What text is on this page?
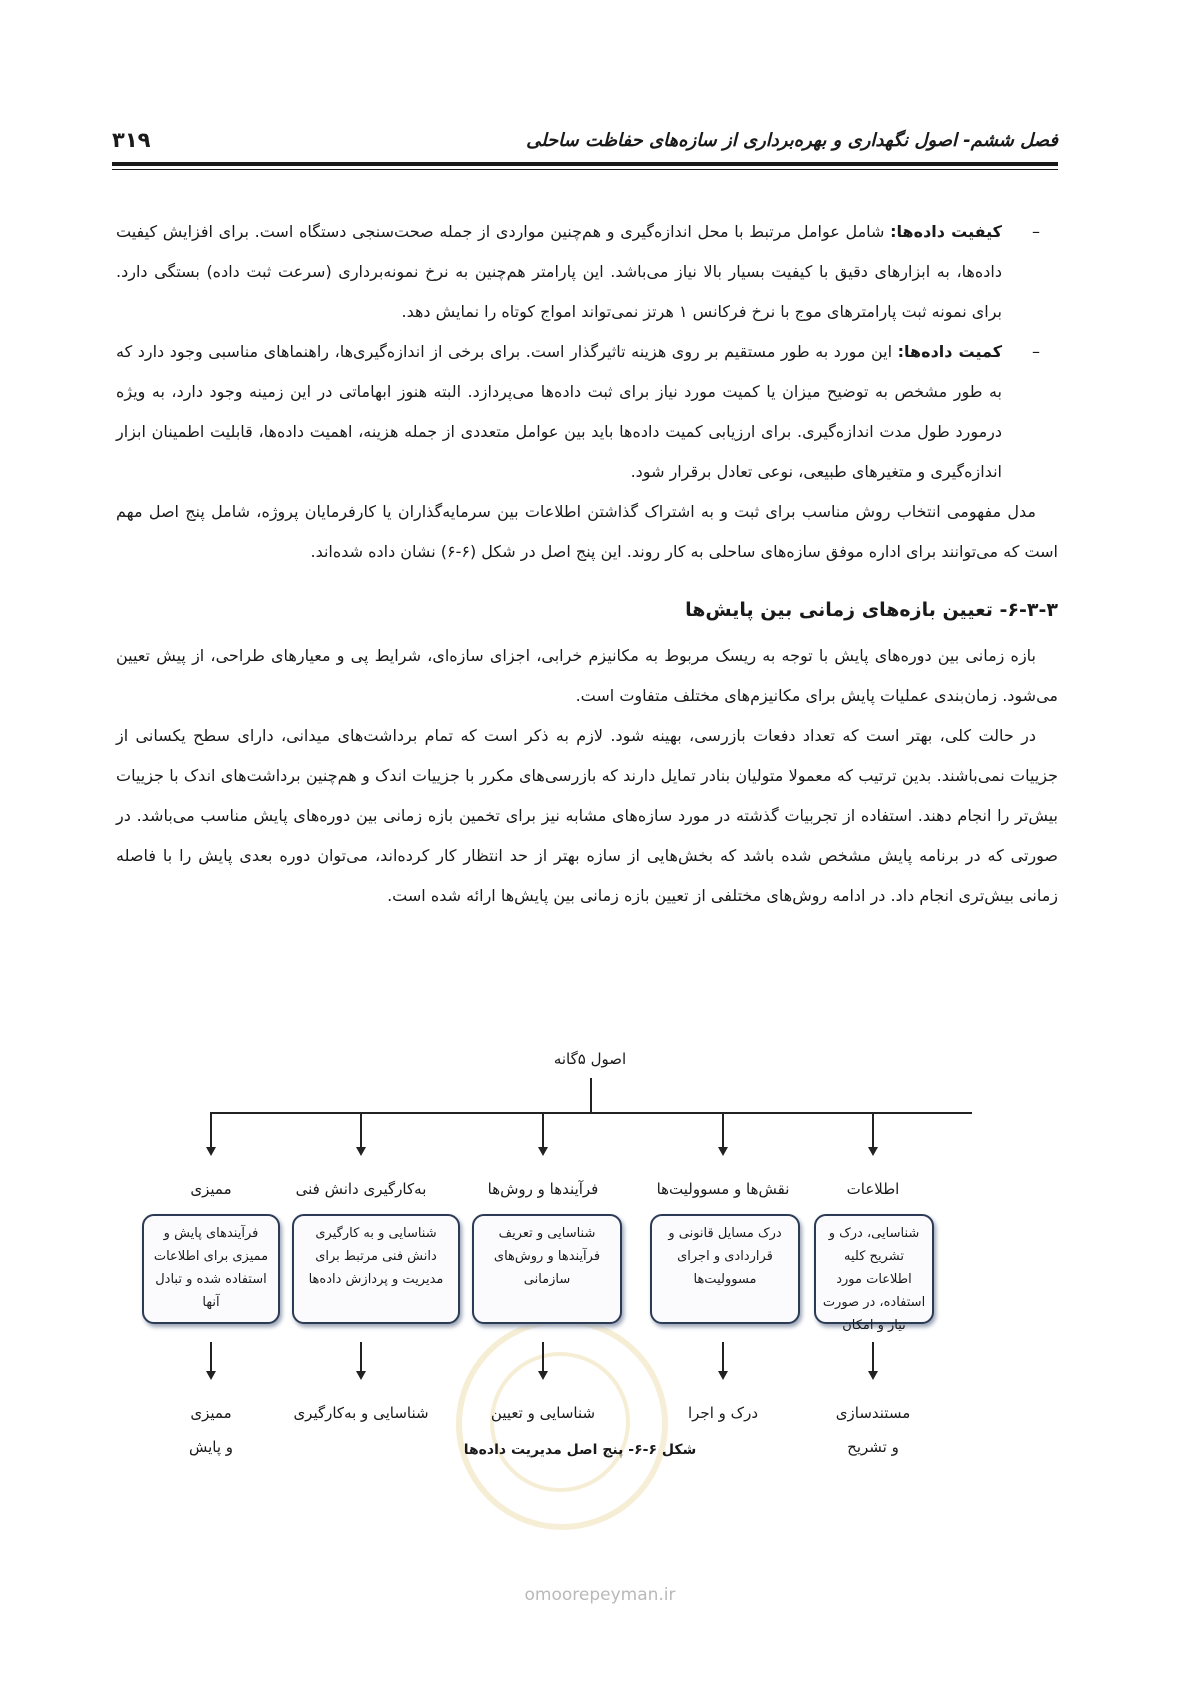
فصل ششم- اصول نگهداری و بهره‌برداری از سازه‌های حفاظت ساحلی
۳۱۹
–
کیفیت داده‌ها: شامل عوامل مرتبط با محل اندازه‌گیری و هم‌چنین مواردی از جمله صحت‌سنجی دستگاه است. برای افزایش کیفیت داده‌ها، به ابزارهای دقیق با کیفیت بسیار بالا نیاز می‌باشد. این پارامتر هم‌چنین به نرخ نمونه‌برداری (سرعت ثبت داده) بستگی دارد. برای نمونه ثبت پارامترهای موج با نرخ فرکانس ۱ هرتز نمی‌تواند امواج کوتاه را نمایش دهد.
–
کمیت داده‌ها: این مورد به طور مستقیم بر روی هزینه تاثیرگذار است. برای برخی از اندازه‌گیری‌ها، راهنماهای مناسبی وجود دارد که به طور مشخص به توضیح میزان یا کمیت مورد نیاز برای ثبت داده‌ها می‌پردازد. البته هنوز ابهاماتی در این زمینه وجود دارد، به ویژه درمورد طول مدت اندازه‌گیری. برای ارزیابی کمیت داده‌ها باید بین عوامل متعددی از جمله هزینه، اهمیت داده‌ها، قابلیت اطمینان ابزار اندازه‌گیری و متغیرهای طبیعی، نوعی تعادل برقرار شود.
مدل مفهومی انتخاب روش مناسب برای ثبت و به اشتراک گذاشتن اطلاعات بین سرمایه‌گذاران یا کارفرمایان پروژه، شامل پنج اصل مهم است که می‌توانند برای اداره موفق سازه‌های ساحلی به کار روند. این پنج اصل در شکل (۶-۶) نشان داده شده‌اند.
۶-۳-۳- تعیین بازه‌های زمانی بین پایش‌ها
بازه زمانی بین دوره‌های پایش با توجه به ریسک مربوط به مکانیزم خرابی، اجزای سازه‌ای، شرایط پی و معیارهای طراحی، از پیش تعیین می‌شود. زمان‌بندی عملیات پایش برای مکانیزم‌های مختلف متفاوت است.
در حالت کلی، بهتر است که تعداد دفعات بازرسی، بهینه شود. لازم به ذکر است که تمام برداشت‌های میدانی، دارای سطح یکسانی از جزییات نمی‌باشند. بدین ترتیب که معمولا متولیان بنادر تمایل دارند که بازرسی‌های مکرر با جزییات اندک و هم‌چنین برداشت‌های اندک با جزییات بیش‌تر را انجام دهند. استفاده از تجربیات گذشته در مورد سازه‌های مشابه نیز برای تخمین بازه زمانی بین دوره‌های پایش مناسب می‌باشد. در صورتی که در برنامه پایش مشخص شده باشد که بخش‌هایی از سازه بهتر از حد انتظار کار کرده‌اند، می‌توان دوره بعدی پایش را با فاصله زمانی بیش‌تری انجام داد. در ادامه روش‌های مختلفی از تعیین بازه زمانی بین پایش‌ها ارائه شده است.
اصول ۵گانه
ممیزی	به‌کارگیری دانش فنی	فرآیندها و روش‌ها	نقش‌ها و مسوولیت‌ها	اطلاعات
فرآیندهای پایش و ممیزی برای اطلاعات استفاده شده و تبادل آنها
شناسایی و به کارگیری دانش فنی مرتبط برای مدیریت و پردازش داده‌ها
شناسایی و تعریف فرآیندها و روش‌های سازمانی
درک مسایل قانونی و قراردادی و اجرای مسوولیت‌ها
شناسایی، درک و تشریح کلیه اطلاعات مورد استفاده، در صورت نیاز و امکان
ممیزی
و پایش
شناسایی و به‌کارگیری	شناسایی و تعیین	درک و اجرا	مستندسازی
و تشریح
شکل ۶-۶- پنج اصل مدیریت داده‌ها
omoorepeyman.ir
